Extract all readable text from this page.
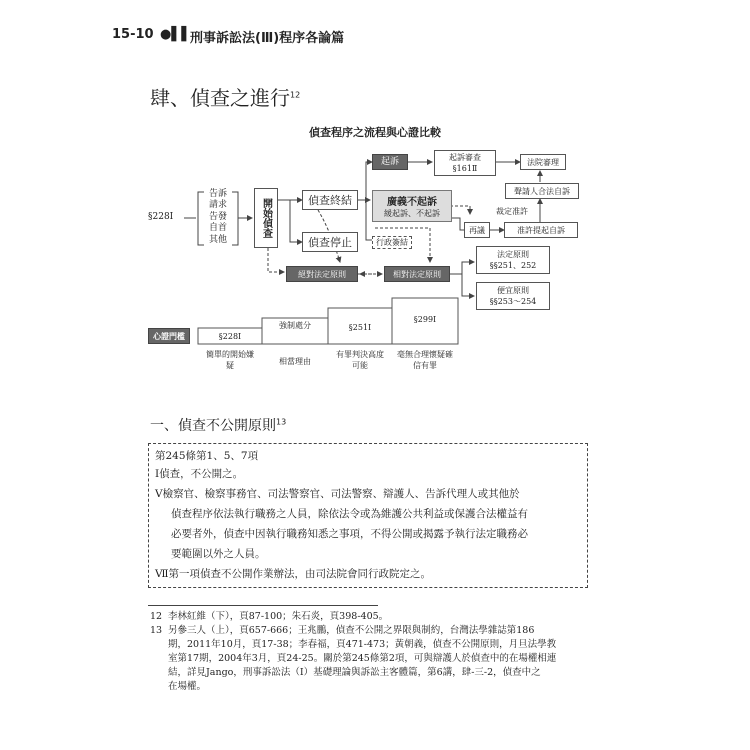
15-10 ●▌▌
刑事訴訟法(Ⅲ)程序各論篇
肆、偵查之進行$^{12}$
偵查程序之流程與心證比較
§228Ⅰ
告訴
請求
告發
自首
其他
開始偵查	偵查終結
偵查停止
起訴	起訴審查
§161Ⅱ
法院審理
聲請人合法自訴
廣義不起訴
緩起訴、不起訴	裁定准許
再議	准許提起自訴
行政簽結
絕對法定原則	相對法定原則
法定原則
§§251、252
便宜原則
§§253～254
心證門檻	§228Ⅰ
強制處分	§251Ⅰ
§299Ⅰ
簡單的開始嫌疑	相當理由
有罪判決高度可能
毫無合理懷疑確信有罪
一、偵查不公開原則$^{13}$
第245條第1、5、7項
Ⅰ偵查，不公開之。
Ⅴ檢察官、檢察事務官、司法警察官、司法警察、辯護人、告訴代理人或其他於
偵查程序依法執行職務之人員，除依法令或為維護公共利益或保護合法權益有
必要者外，偵查中因執行職務知悉之事項，不得公開或揭露予執行法定職務必
要範圍以外之人員。
Ⅶ第一項偵查不公開作業辦法，由司法院會同行政院定之。
12 李林紅維（下），頁87-100；朱石炎，頁398-405。
13 另參三人（上），頁657-666；王兆鵬，偵查不公開之界限與制約，台灣法學雜誌第186
期，2011年10月，頁17-38；李春福，頁471-473；黃朝義，偵查不公開原則，月旦法學教
室第17期，2004年3月，頁24-25。關於第245條第2項，可與辯護人於偵查中的在場權相連
結，詳見Jango，刑事訴訟法（Ⅰ）基礎理論與訴訟主客體篇，第6講，肆-三-2，偵查中之
在場權。
